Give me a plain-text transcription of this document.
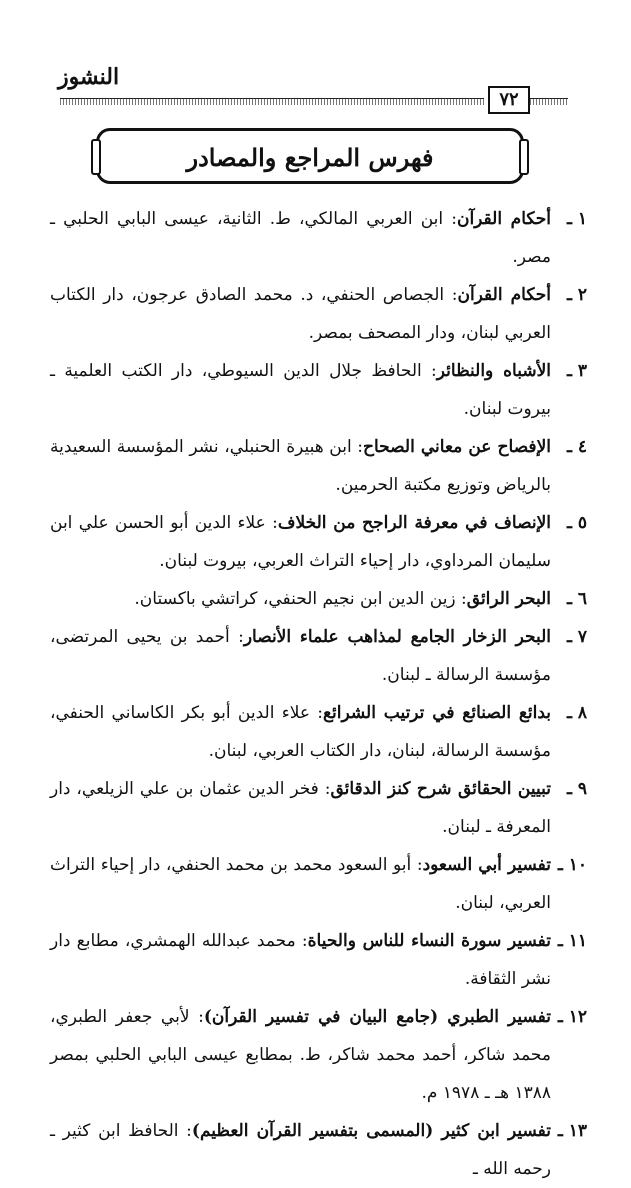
النشوز
٧٢
فهرس المراجع والمصادر
١ ـ
أحكام القرآن: ابن العربي المالكي، ط. الثانية، عيسى البابي الحلبي ـ مصر.
٢ ـ
أحكام القرآن: الجصاص الحنفي، د. محمد الصادق عرجون، دار الكتاب العربي لبنان، ودار المصحف بمصر.
٣ ـ
الأشباه والنظائر: الحافظ جلال الدين السيوطي، دار الكتب العلمية ـ بيروت لبنان.
٤ ـ
الإفصاح عن معاني الصحاح: ابن هبيرة الحنبلي، نشر المؤسسة السعيدية بالرياض وتوزيع مكتبة الحرمين.
٥ ـ
الإنصاف في معرفة الراجح من الخلاف: علاء الدين أبو الحسن علي ابن سليمان المرداوي، دار إحياء التراث العربي، بيروت لبنان.
٦ ـ
البحر الرائق: زين الدين ابن نجيم الحنفي، كراتشي باكستان.
٧ ـ
البحر الزخار الجامع لمذاهب علماء الأنصار: أحمد بن يحيى المرتضى، مؤسسة الرسالة ـ لبنان.
٨ ـ
بدائع الصنائع في ترتيب الشرائع: علاء الدين أبو بكر الكاساني الحنفي، مؤسسة الرسالة، لبنان، دار الكتاب العربي، لبنان.
٩ ـ
تبيين الحقائق شرح كنز الدقائق: فخر الدين عثمان بن علي الزيلعي، دار المعرفة ـ لبنان.
١٠ ـ
تفسير أبي السعود: أبو السعود محمد بن محمد الحنفي، دار إحياء التراث العربي، لبنان.
١١ ـ
تفسير سورة النساء للناس والحياة: محمد عبدالله الهمشري، مطابع دار نشر الثقافة.
١٢ ـ
تفسير الطبري (جامع البيان في تفسير القرآن): لأبي جعفر الطبري، محمد شاكر، أحمد محمد شاكر، ط. بمطابع عيسى البابي الحلبي بمصر ١٣٨٨ هـ ـ ١٩٧٨ م.
١٣ ـ
تفسير ابن كثير (المسمى بتفسير القرآن العظيم): الحافظ ابن كثير ـ رحمه الله ـ
